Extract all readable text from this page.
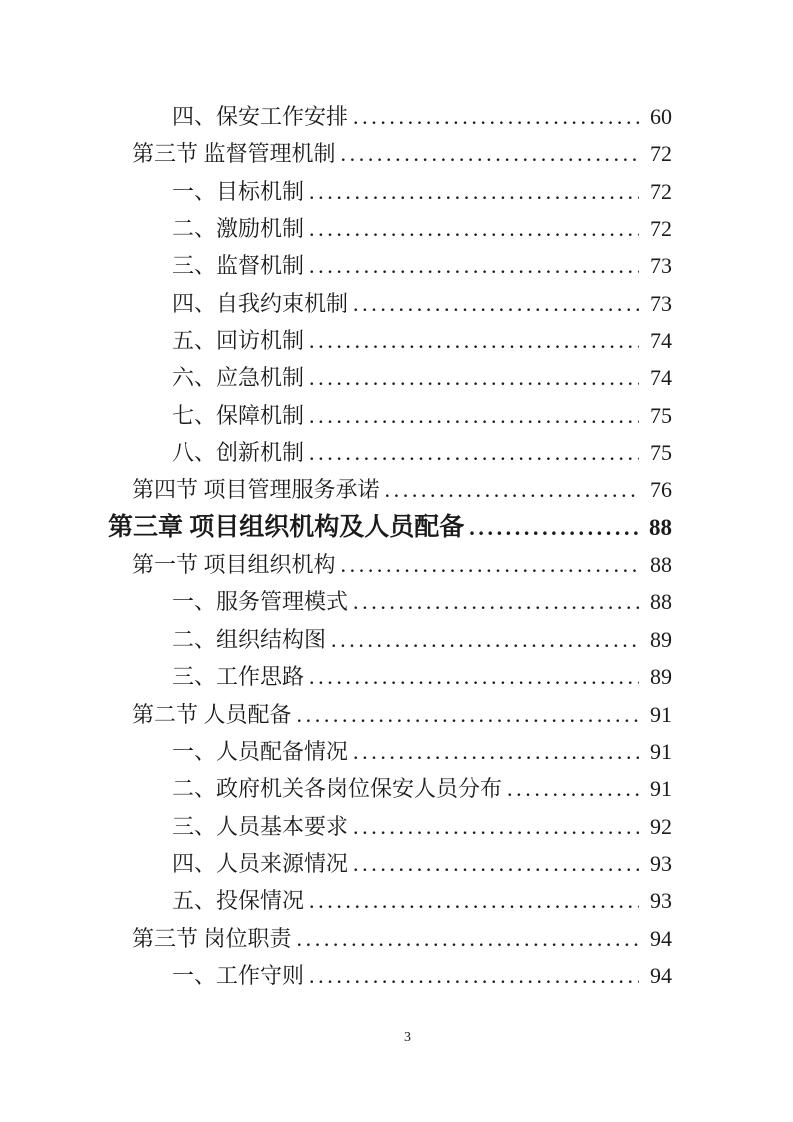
四、保安工作安排 .....	60
第三节 监督管理机制 .....	72
一、目标机制 .....	72
二、激励机制 .....	72
三、监督机制 .....	73
四、自我约束机制 .....	73
五、回访机制 .....	74
六、应急机制 .....	74
七、保障机制 .....	75
八、创新机制 .....	75
第四节 项目管理服务承诺 .....	76
第三章 项目组织机构及人员配备 .....	88
第一节 项目组织机构 .....	88
一、服务管理模式 .....	88
二、组织结构图 .....	89
三、工作思路 .....	89
第二节 人员配备 .....	91
一、人员配备情况 .....	91
二、政府机关各岗位保安人员分布 .....	91
三、人员基本要求 .....	92
四、人员来源情况 .....	93
五、投保情况 .....	93
第三节 岗位职责 .....	94
一、工作守则 .....	94
3
